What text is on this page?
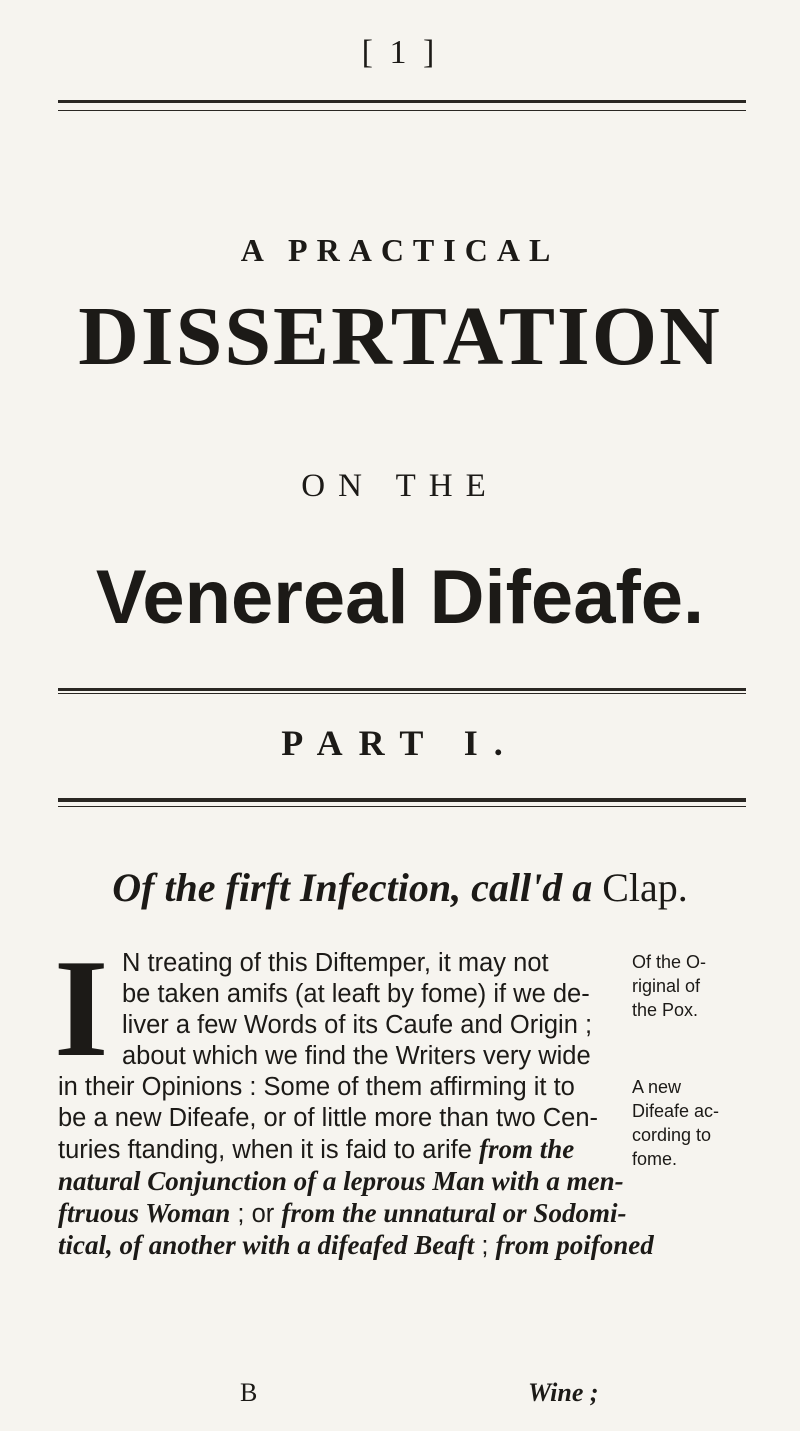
[ 1 ]
A PRACTICAL
DISSERTATION
ON THE
Venereal Difeafe.
PART I.
Of the firft Infection, call'd a Clap.
I N treating of this Diftemper, it may not
be taken amifs (at leaft by fome) if we de-
liver a few Words of its Caufe and Origin ;
about which we find the Writers very wide
in their Opinions : Some of them affirming it to
be a new Difeafe, or of little more than two Cen-
turies ftanding, when it is faid to arife from the
natural Conjunction of a leprous Man with a men-
ftruous Woman ; or from the unnatural or Sodomi-
tical, of another with a difeafed Beaft ; from poifoned
Of the O-
riginal of
the Pox.
A new
Difeafe ac-
cording to
fome.
B	Wine ;
